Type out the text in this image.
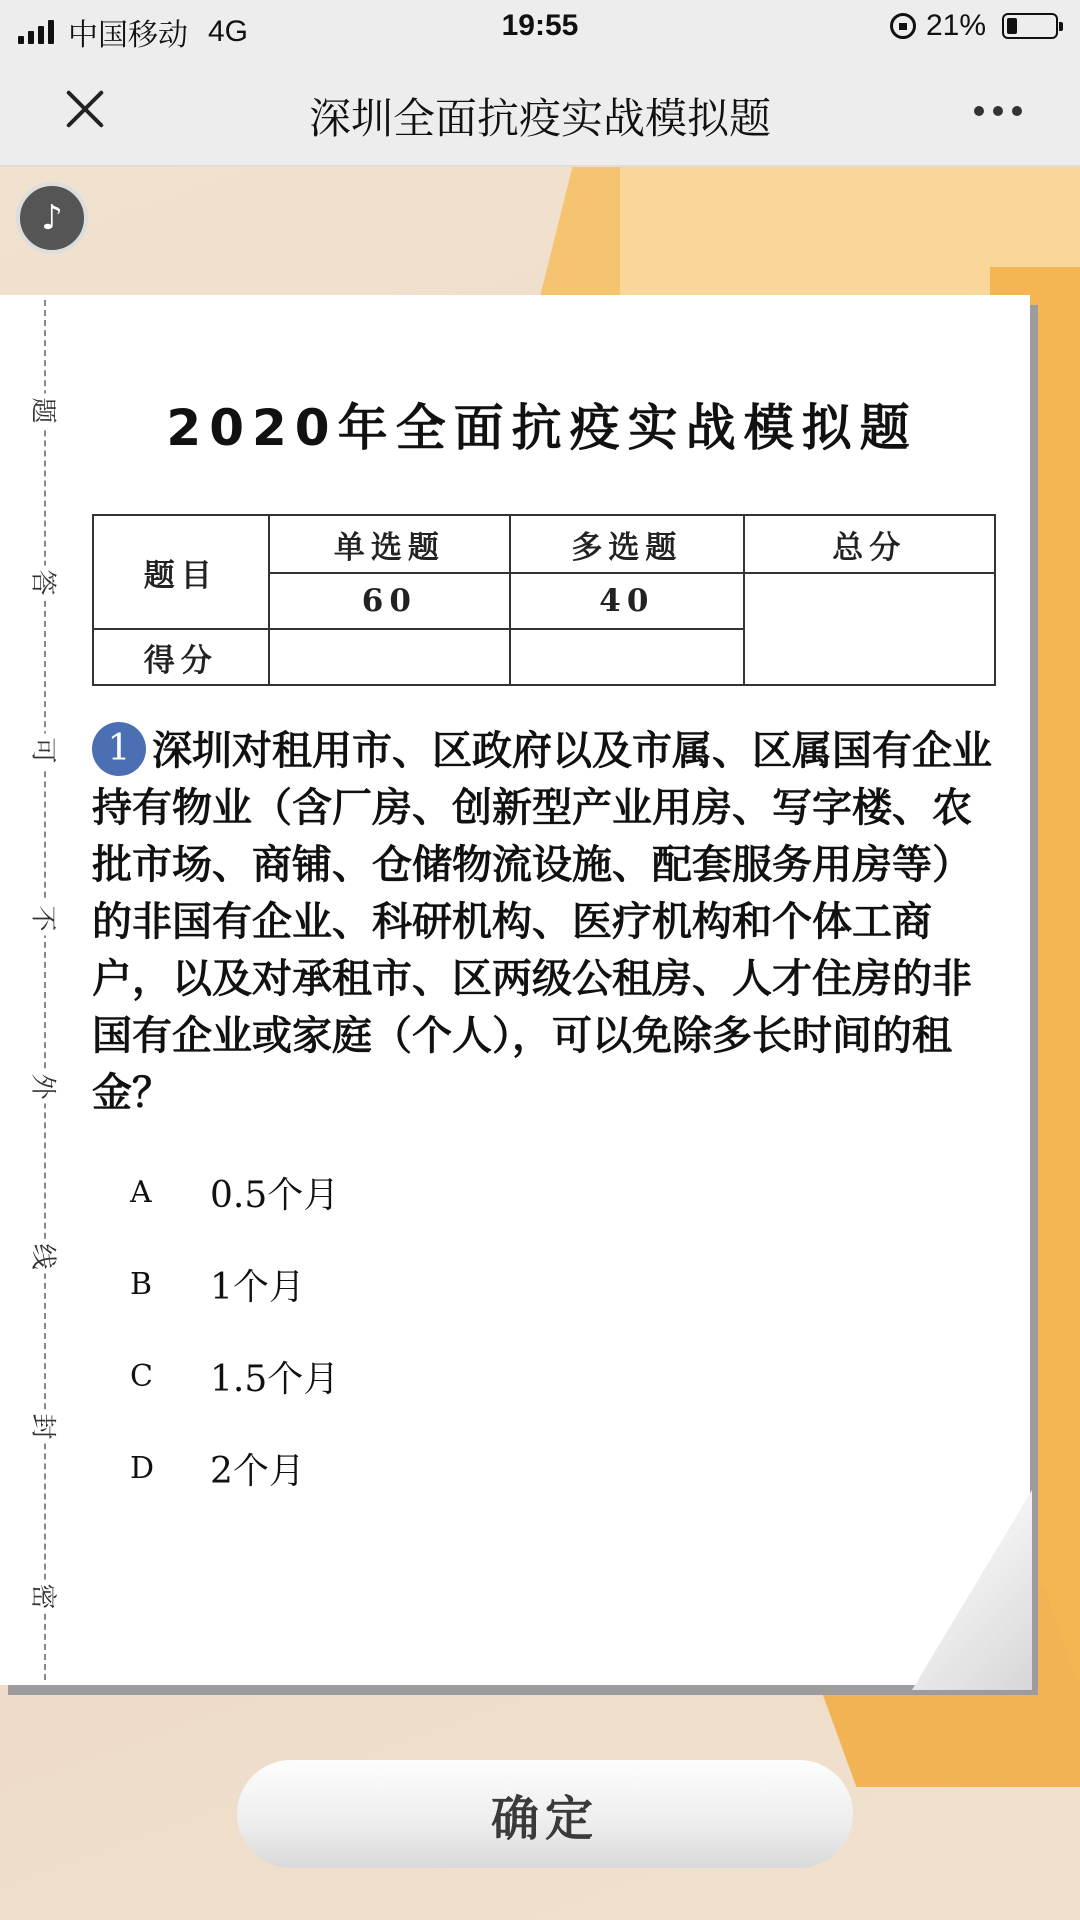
中国移动 4G	19:55	21%
深圳全面抗疫实战模拟题
♪
题
答
可
不
外
线
封
密
2020年全面抗疫实战模拟题
题目	单选题	多选题	总分
	60	40	
得分			
1 深圳对租用市、区政府以及市属、区属国有企业持有物业（含厂房、创新型产业用房、写字楼、农批市场、商铺、仓储物流设施、配套服务用房等）的非国有企业、科研机构、医疗机构和个体工商户，以及对承租市、区两级公租房、人才住房的非国有企业或家庭（个人），可以免除多长时间的租金？
A	0.5个月
B	1个月
C	1.5个月
D	2个月
确定
